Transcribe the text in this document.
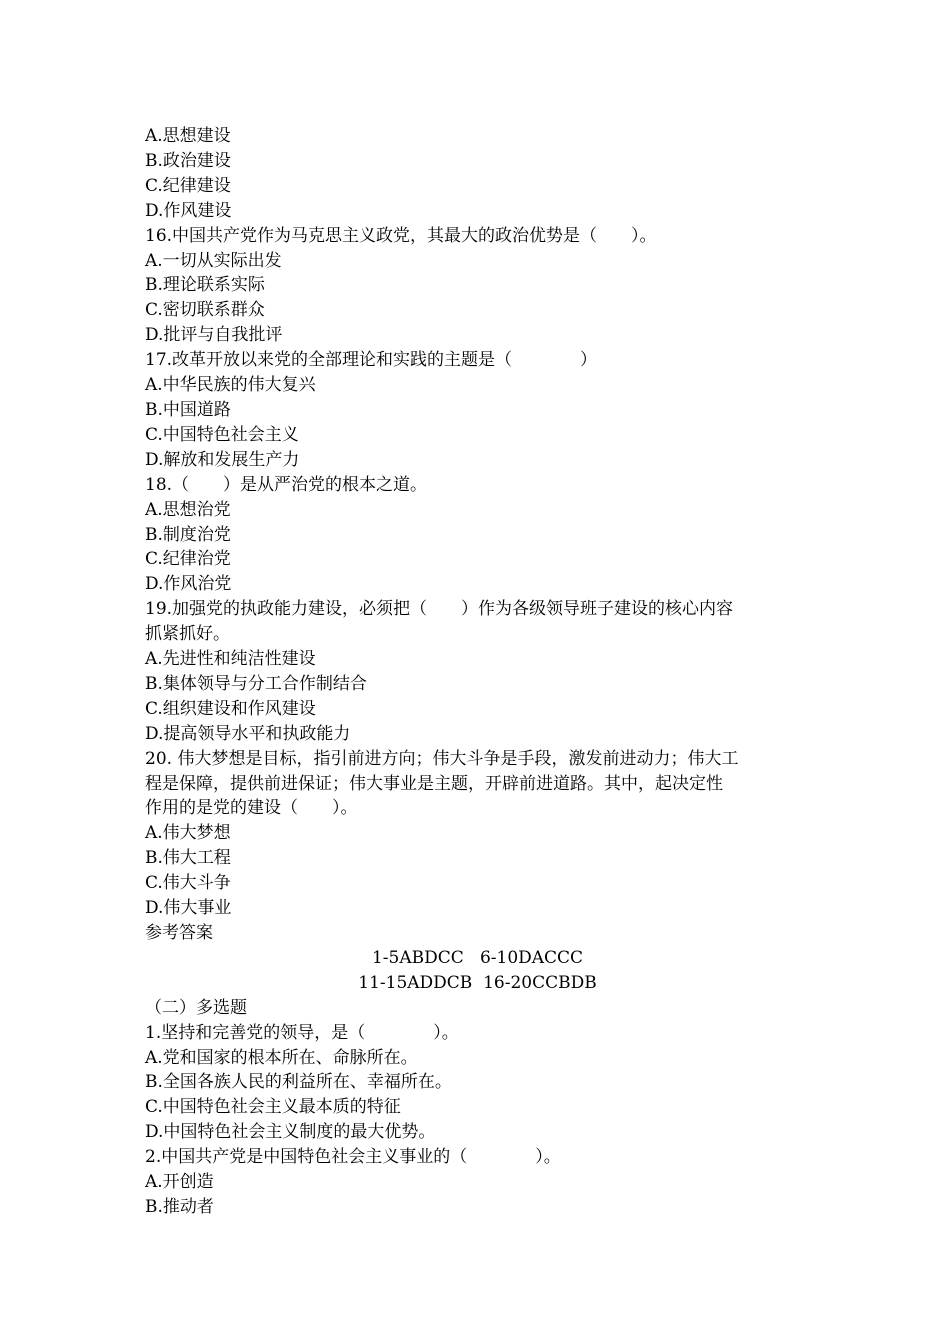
A.思想建设

B.政治建设

C.纪律建设

D.作风建设

16.中国共产党作为马克思主义政党，其最大的政治优势是（　　）。

A.一切从实际出发

B.理论联系实际

C.密切联系群众

D.批评与自我批评

17.改革开放以来党的全部理论和实践的主题是（　　　　）

A.中华民族的伟大复兴

B.中国道路

C.中国特色社会主义

D.解放和发展生产力

18.（　　）是从严治党的根本之道。

A.思想治党

B.制度治党

C.纪律治党

D.作风治党

19.加强党的执政能力建设，必须把（　　）作为各级领导班子建设的核心内容

抓紧抓好。

A.先进性和纯洁性建设

B.集体领导与分工合作制结合

C.组织建设和作风建设

D.提高领导水平和执政能力

20. 伟大梦想是目标，指引前进方向；伟大斗争是手段，激发前进动力；伟大工

程是保障，提供前进保证；伟大事业是主题，开辟前进道路。其中，起决定性

作用的是党的建设（　　）。

A.伟大梦想

B.伟大工程

C.伟大斗争

D.伟大事业

参考答案

1-5ABDCC   6-10DACCC

11-15ADDCB  16-20CCBDB

（二）多选题

1.坚持和完善党的领导，是（　　　　）。

A.党和国家的根本所在、命脉所在。

B.全国各族人民的利益所在、幸福所在。

C.中国特色社会主义最本质的特征

D.中国特色社会主义制度的最大优势。

2.中国共产党是中国特色社会主义事业的（　　　　）。

A.开创造

B.推动者
